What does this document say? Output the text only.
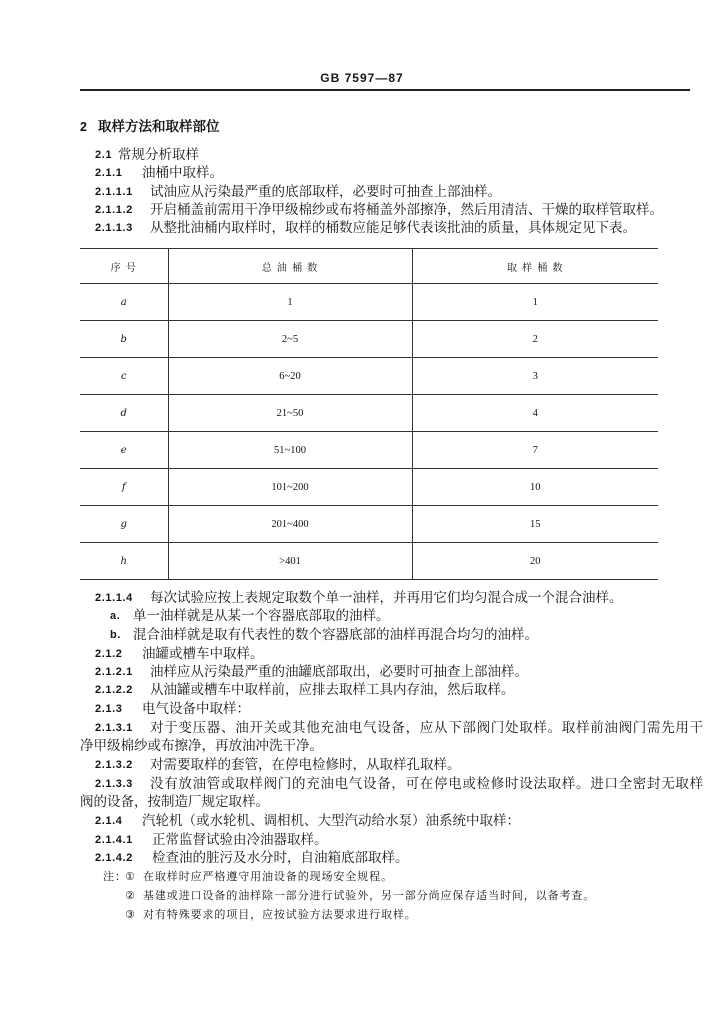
GB 7597—87
2 取样方法和取样部位
2.1 常规分析取样
2.1.1 油桶中取样。
2.1.1.1 试油应从污染最严重的底部取样，必要时可抽查上部油样。
2.1.1.2 开启桶盖前需用干净甲级棉纱或布将桶盖外部擦净，然后用清洁、干燥的取样管取样。
2.1.1.3 从整批油桶内取样时，取样的桶数应能足够代表该批油的质量，具体规定见下表。
序 号	总 油 桶 数	取 样 桶 数
a	1	1
b	2~5	2
c	6~20	3
d	21~50	4
e	51~100	7
f	101~200	10
g	201~400	15
h	>401	20
2.1.1.4 每次试验应按上表规定取数个单一油样，并再用它们均匀混合成一个混合油样。
a. 单一油样就是从某一个容器底部取的油样。
b. 混合油样就是取有代表性的数个容器底部的油样再混合均匀的油样。
2.1.2 油罐或槽车中取样。
2.1.2.1 油样应从污染最严重的油罐底部取出，必要时可抽查上部油样。
2.1.2.2 从油罐或槽车中取样前，应排去取样工具内存油，然后取样。
2.1.3 电气设备中取样：
2.1.3.1 对于变压器、油开关或其他充油电气设备，应从下部阀门处取样。取样前油阀门需先用干
净甲级棉纱或布擦净，再放油冲洗干净。
2.1.3.2 对需要取样的套管，在停电检修时，从取样孔取样。
2.1.3.3 没有放油管或取样阀门的充油电气设备，可在停电或检修时设法取样。进口全密封无取样
阀的设备，按制造厂规定取样。
2.1.4 汽轮机（或水轮机、调相机、大型汽动给水泵）油系统中取样：
2.1.4.1 正常监督试验由冷油器取样。
2.1.4.2 检查油的脏污及水分时，自油箱底部取样。
注：
① 在取样时应严格遵守用油设备的现场安全规程。
② 基建或进口设备的油样除一部分进行试验外，另一部分尚应保存适当时间，以备考查。
③ 对有特殊要求的项目，应按试验方法要求进行取样。
